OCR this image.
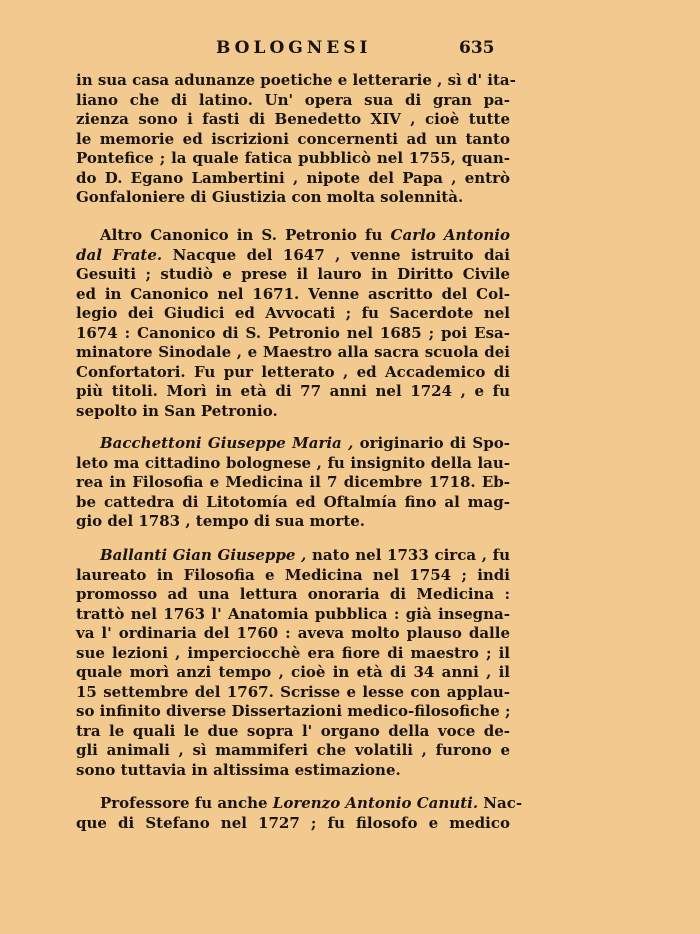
BOLOGNESI	635
in sua casa adunanze poetiche e letterarie , sì d' ita-
liano che di latino. Un' opera sua di gran pa-
zienza sono i fasti di Benedetto XIV , cioè tutte
le memorie ed iscrizioni concernenti ad un tanto
Pontefice ; la quale fatica pubblicò nel 1755, quan-
do D. Egano Lambertini , nipote del Papa , entrò
Gonfaloniere di Giustizia con molta solennità.
Altro Canonico in S. Petronio fu Carlo Antonio
dal Frate. Nacque del 1647 , venne istruito dai
Gesuiti ; studiò e prese il lauro in Diritto Civile
ed in Canonico nel 1671. Venne ascritto del Col-
legio dei Giudici ed Avvocati ; fu Sacerdote nel
1674 : Canonico di S. Petronio nel 1685 ; poi Esa-
minatore Sinodale , e Maestro alla sacra scuola dei
Confortatori. Fu pur letterato , ed Accademico di
più titoli. Morì in età di 77 anni nel 1724 , e fu
sepolto in San Petronio.
Bacchettoni Giuseppe Maria , originario di Spo-
leto ma cittadino bolognese , fu insignito della lau-
rea in Filosofia e Medicina il 7 dicembre 1718. Eb-
be cattedra di Litotomía ed Oftalmía fino al mag-
gio del 1783 , tempo di sua morte.
Ballanti Gian Giuseppe , nato nel 1733 circa , fu
laureato in Filosofia e Medicina nel 1754 ; indi
promosso ad una lettura onoraria di Medicina :
trattò nel 1763 l' Anatomia pubblica : già insegna-
va l' ordinaria del 1760 : aveva molto plauso dalle
sue lezioni , imperciocchè era fiore di maestro ; il
quale morì anzi tempo , cioè in età di 34 anni , il
15 settembre del 1767. Scrisse e lesse con applau-
so infinito diverse Dissertazioni medico-filosofiche ;
tra le quali le due sopra l' organo della voce de-
gli animali , sì mammiferi che volatili , furono e
sono tuttavia in altissima estimazione.
Professore fu anche Lorenzo Antonio Canuti. Nac-
que di Stefano nel 1727 ; fu filosofo e medico
